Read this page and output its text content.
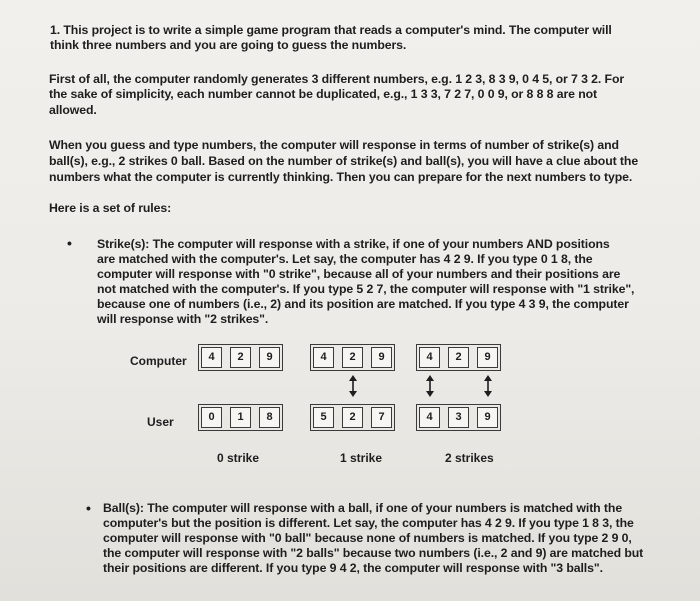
1. This project is to write a simple game program that reads a computer's mind. The computer will
think three numbers and you are going to guess the numbers.
First of all, the computer randomly generates 3 different numbers, e.g. 1 2 3, 8 3 9, 0 4 5, or 7 3 2. For
the sake of simplicity, each number cannot be duplicated, e.g., 1 3 3, 7 2 7, 0 0 9, or 8 8 8 are not
allowed.
When you guess and type numbers, the computer will response in terms of number of strike(s) and
ball(s), e.g., 2 strikes 0 ball. Based on the number of strike(s) and ball(s), you will have a clue about the
numbers what the computer is currently thinking. Then you can prepare for the next numbers to type.
Here is a set of rules:
• Strike(s): The computer will response with a strike, if one of your numbers AND positions
are matched with the computer's. Let say, the computer has 4 2 9. If you type 0 1 8, the
computer will response with "0 strike", because all of your numbers and their positions are
not matched with the computer's. If you type 5 2 7, the computer will response with "1 strike",
because one of numbers (i.e., 2) and its position are matched. If you type 4 3 9, the computer
will response with "2 strikes".
Computer
User
4	2	9
0	1	8
0 strike
4	2	9
5	2	7
1 strike
4	2	9
4	3	9
2 strikes
• Ball(s): The computer will response with a ball, if one of your numbers is matched with the
computer's but the position is different. Let say, the computer has 4 2 9. If you type 1 8 3, the
computer will response with "0 ball" because none of numbers is matched. If you type 2 9 0,
the computer will response with "2 balls" because two numbers (i.e., 2 and 9) are matched but
their positions are different. If you type 9 4 2, the computer will response with "3 balls".
